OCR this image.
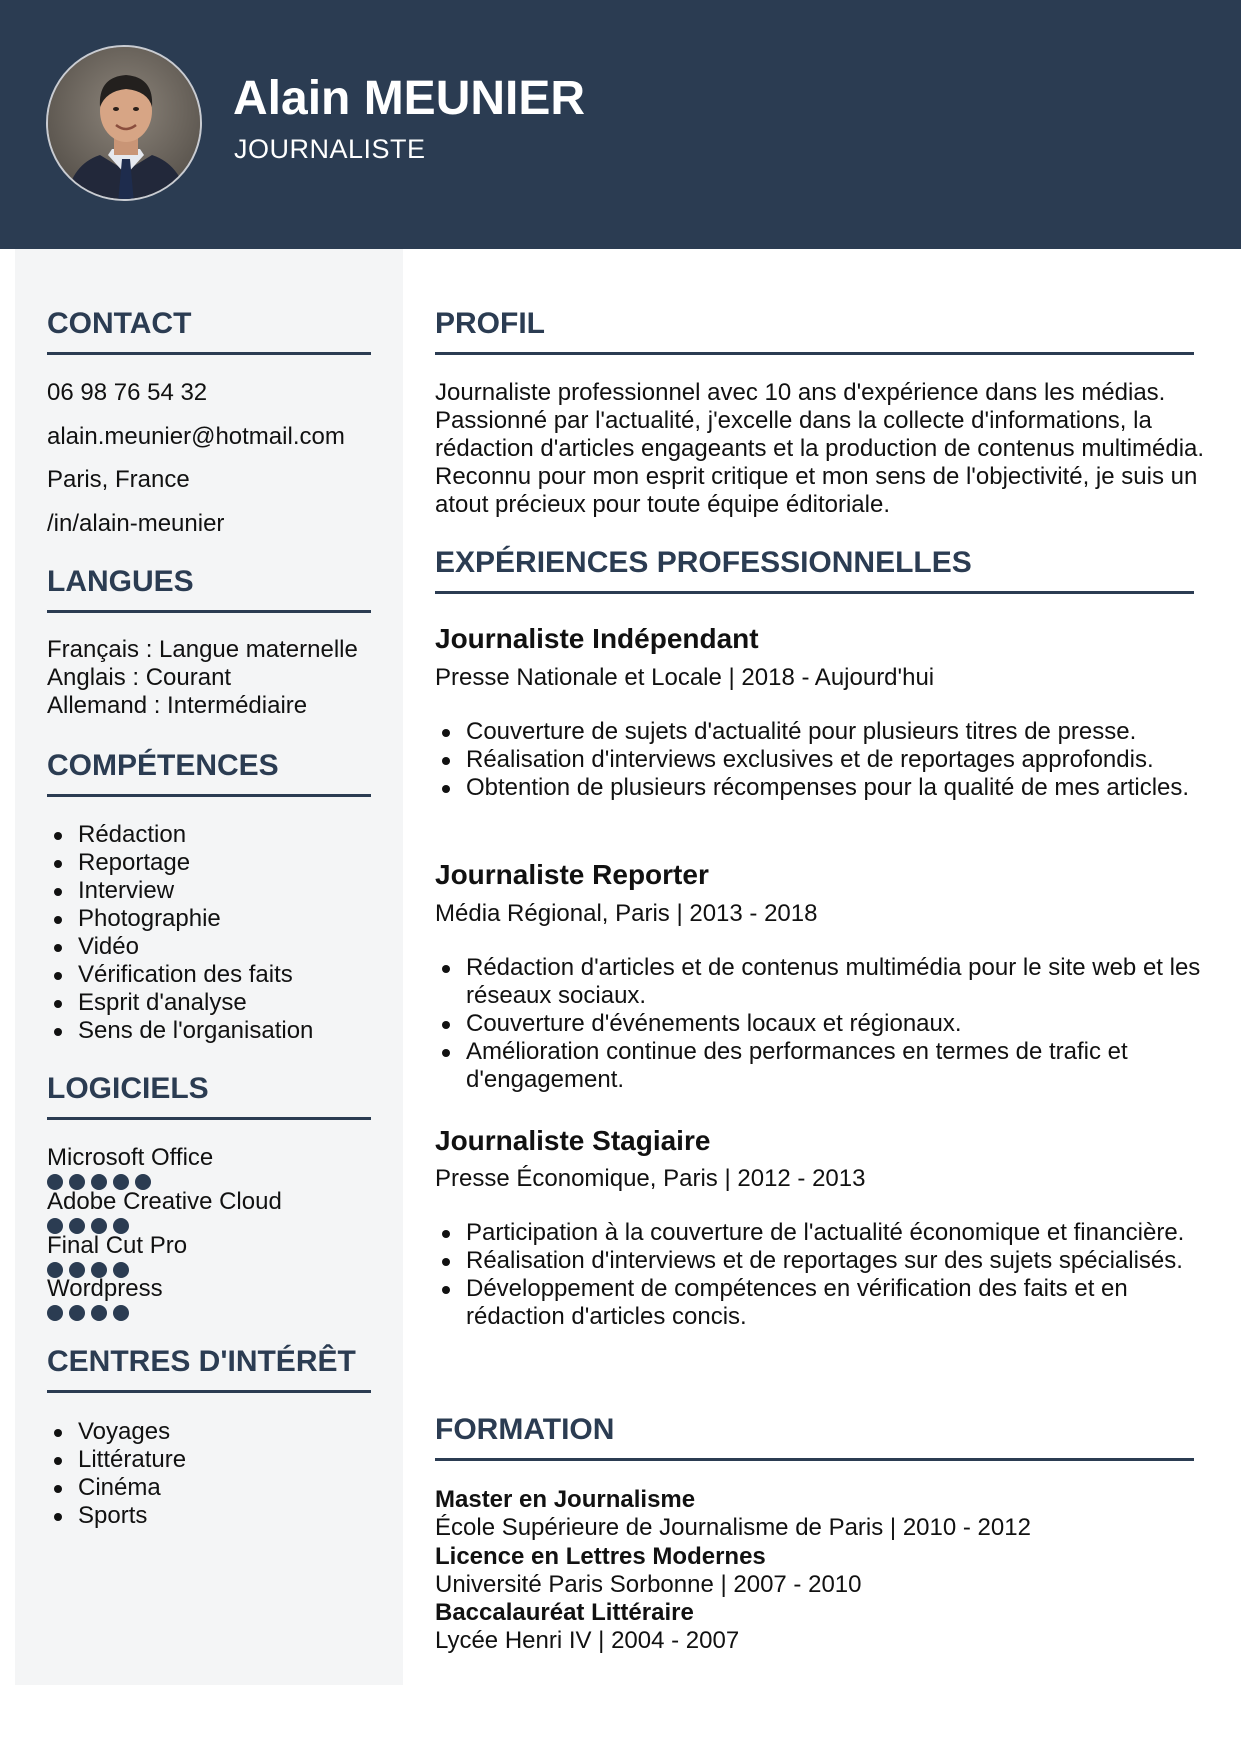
Alain MEUNIER
JOURNALISTE
CONTACT
06 98 76 54 32
alain.meunier@hotmail.com
Paris, France
/in/alain-meunier
LANGUES
Français : Langue maternelle
Anglais : Courant
Allemand : Intermédiaire
COMPÉTENCES
Rédaction
Reportage
Interview
Photographie
Vidéo
Vérification des faits
Esprit d'analyse
Sens de l'organisation
LOGICIELS
Microsoft Office
Adobe Creative Cloud
Final Cut Pro
Wordpress
CENTRES D'INTÉRÊT
Voyages
Littérature
Cinéma
Sports
PROFIL
Journaliste professionnel avec 10 ans d'expérience dans les médias. Passionné par l'actualité, j'excelle dans la collecte d'informations, la rédaction d'articles engageants et la production de contenus multimédia. Reconnu pour mon esprit critique et mon sens de l'objectivité, je suis un atout précieux pour toute équipe éditoriale.
EXPÉRIENCES PROFESSIONNELLES
Journaliste Indépendant
Presse Nationale et Locale | 2018 - Aujourd'hui
Couverture de sujets d'actualité pour plusieurs titres de presse.
Réalisation d'interviews exclusives et de reportages approfondis.
Obtention de plusieurs récompenses pour la qualité de mes articles.
Journaliste Reporter
Média Régional, Paris | 2013 - 2018
Rédaction d'articles et de contenus multimédia pour le site web et les réseaux sociaux.
Couverture d'événements locaux et régionaux.
Amélioration continue des performances en termes de trafic et d'engagement.
Journaliste Stagiaire
Presse Économique, Paris | 2012 - 2013
Participation à la couverture de l'actualité économique et financière.
Réalisation d'interviews et de reportages sur des sujets spécialisés.
Développement de compétences en vérification des faits et en rédaction d'articles concis.
FORMATION
Master en Journalisme
École Supérieure de Journalisme de Paris | 2010 - 2012
Licence en Lettres Modernes
Université Paris Sorbonne | 2007 - 2010
Baccalauréat Littéraire
Lycée Henri IV | 2004 - 2007
